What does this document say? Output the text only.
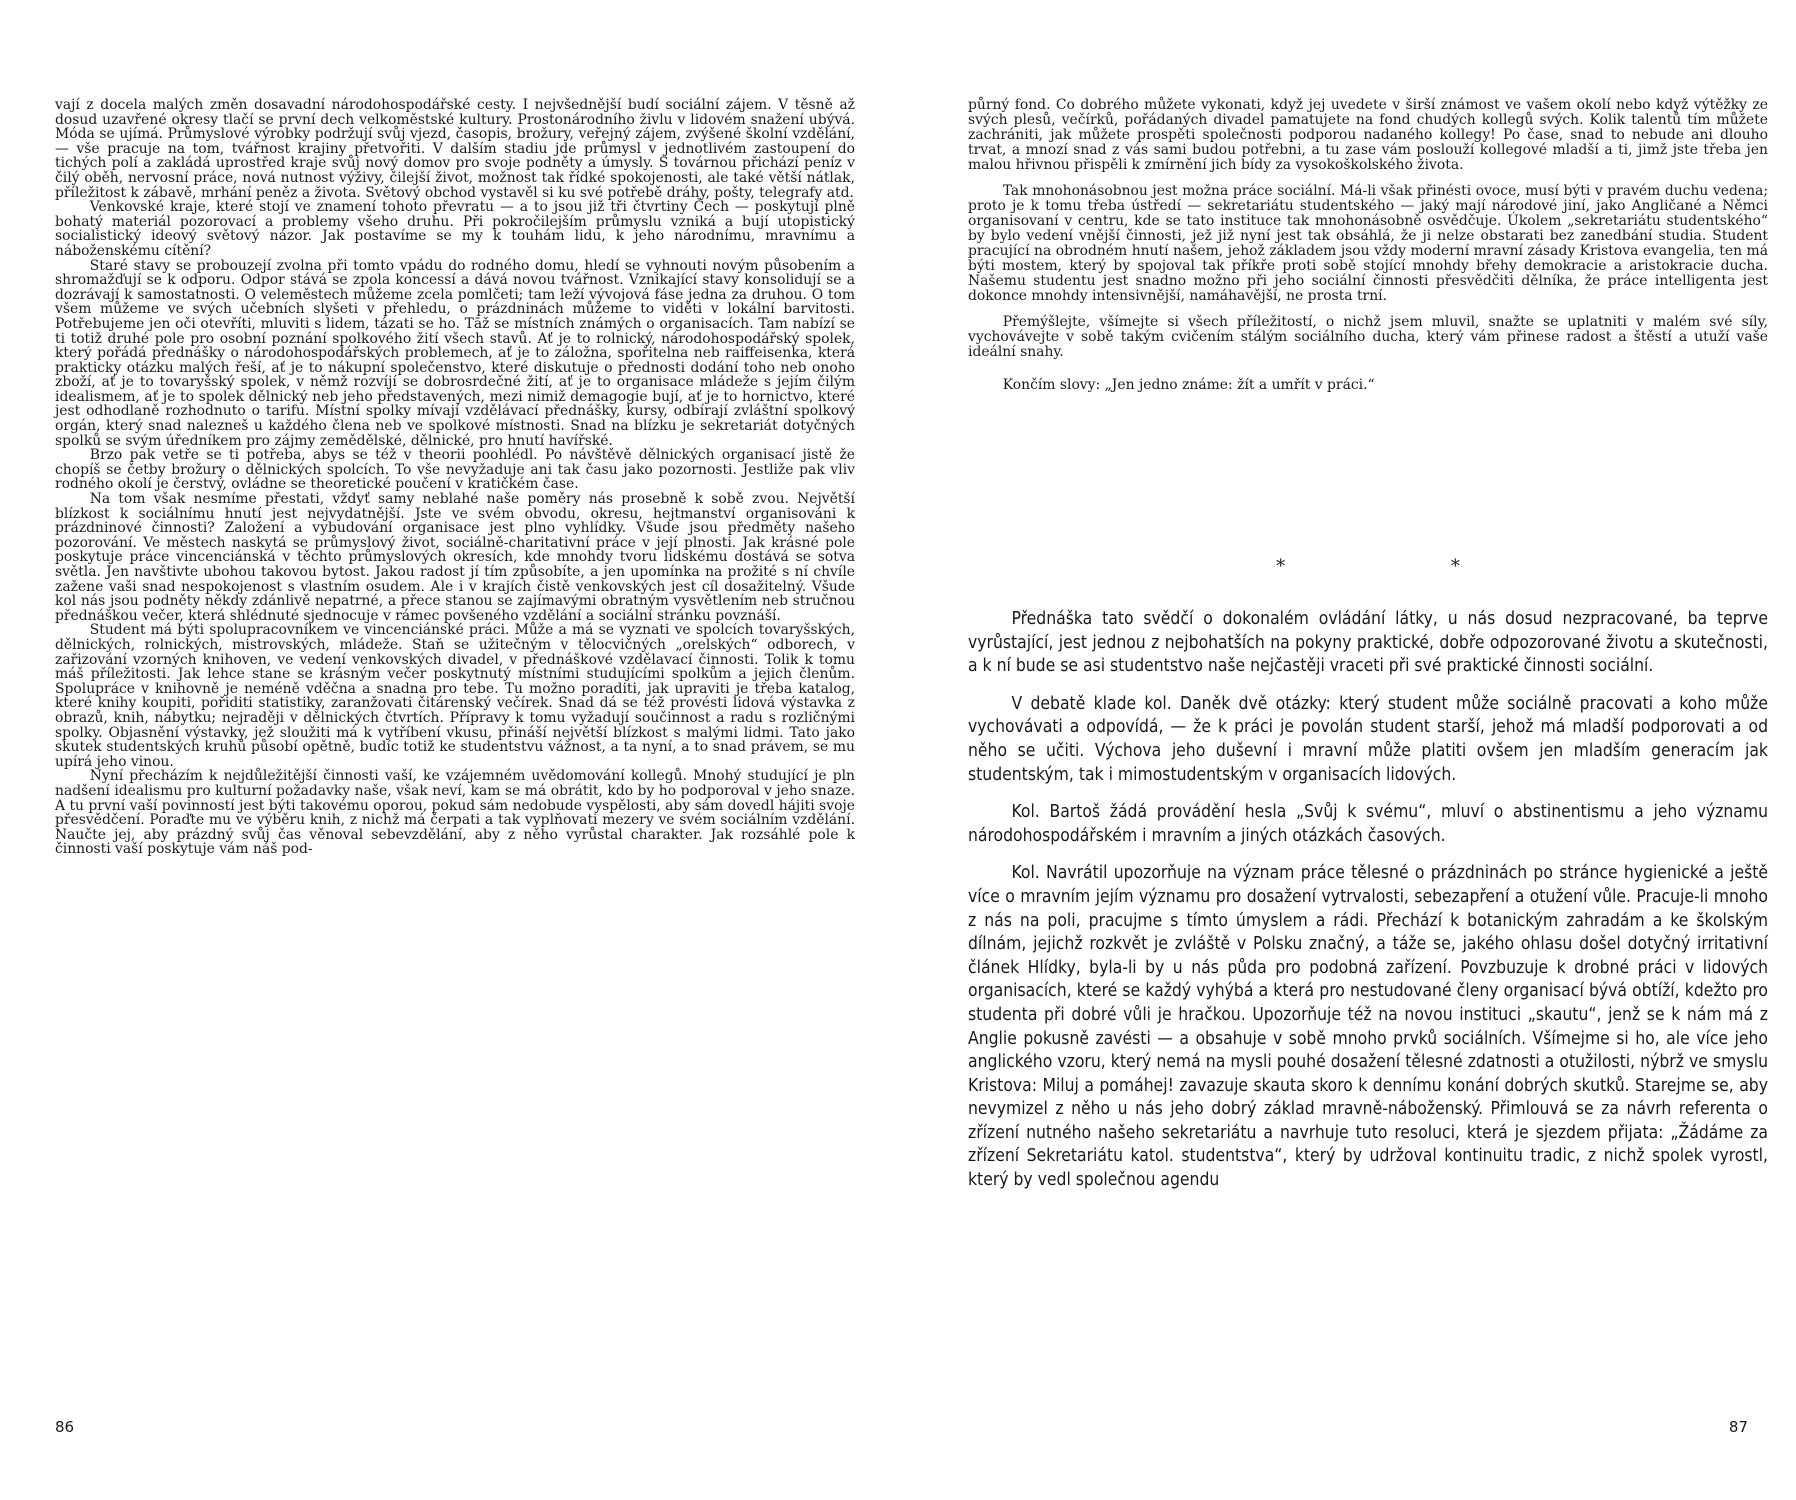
vají z docela malých změn dosavadní národohospodářské cesty. I nejvšednější budí sociální zájem. V těsně až dosud uzavřené okresy tlačí se první dech velkoměstské kultury. Prostonárodního živlu v lidovém snažení ubývá. Móda se ujímá. Průmyslové výrobky podržují svůj vjezd, časopis, brožury, veřejný zájem, zvýšené školní vzdělání, — vše pracuje na tom, tvářnost krajiny přetvořiti. V dalším stadiu jde průmysl v jednotlivém zastoupení do tichých polí a zakládá uprostřed kraje svůj nový domov pro svoje podněty a úmysly. S továrnou přichází peníz v čilý oběh, nervosní práce, nová nutnost výživy, čilejší život, možnost tak řídké spokojenosti, ale také větší nátlak, příležitost k zábavě, mrhání peněz a života. Světový obchod vystavěl si ku své potřebě dráhy, pošty, telegrafy atd.

Venkovské kraje, které stojí ve znamení tohoto převratu — a to jsou již tři čtvrtiny Čech — poskytují plně bohatý materiál pozorovací a problemy všeho druhu. Při pokročilejším průmyslu vzniká a bují utopistický socialistický ideový světový názor. Jak postavíme se my k touhám lidu, k jeho národnímu, mravnímu a náboženskému cítění?

Staré stavy se probouzejí zvolna při tomto vpádu do rodného domu, hledí se vyhnouti novým působením a shromažďují se k odporu. Odpor stává se zpola koncessí a dává novou tvářnost. Vznikající stavy konsolidují se a dozrávají k samostatnosti. O veleměstech můžeme zcela pomlčeti; tam leží vývojová fáse jedna za druhou. O tom všem můžeme ve svých učebních slyšeti v přehledu, o prázdninách můžeme to viděti v lokální barvitosti. Potřebujeme jen oči otevříti, mluviti s lidem, tázati se ho. Tāž se místních známých o organisacích. Tam nabízí se ti totiž druhé pole pro osobní poznání spolkového žití všech stavů. Ať je to rolnický, národohospodářský spolek, který pořádá přednášky o národohospodářských problemech, ať je to záložna, spořitelna neb raiffeisenka, která prakticky otázku malých řeší, ať je to nákupní společenstvo, které diskutuje o přednosti dodání toho neb onoho zboží, ať je to tovaryšský spolek, v němž rozvíjí se dobrosrdečné žití, ať je to organisace mládeže s jejím čilým idealismem, ať je to spolek dělnický neb jeho představených, mezi nimiž demagogie bují, ať je to hornictvo, které jest odhodlaně rozhodnuto o tarifu. Místní spolky mívají vzdělávací přednášky, kursy, odbírají zvláštní spolkový orgán, který snad nalezneš u každého člena neb ve spolkové místnosti. Snad na blízku je sekretariát dotyčných spolků se svým úředníkem pro zájmy zemědělské, dělnické, pro hnutí havířské.

Brzo pak vetře se ti potřeba, abys se též v theorii poohlédl. Po návštěvě dělnických organisací jistě že chopíš se četby brožury o dělnických spolcích. To vše nevyžaduje ani tak času jako pozornosti. Jestliže pak vliv rodného okolí je čerstvý, ovládne se theoretické poučení v kratičkém čase.

Na tom však nesmíme přestati, vždyť samy neblahé naše poměry nás prosebně k sobě zvou. Největší blízkost k sociálnímu hnutí jest nejvydatnější. Jste ve svém obvodu, okresu, hejtmanství organisováni k prázdninové činnosti? Založení a vybudování organisace jest plno vyhlídky. Všude jsou předměty našeho pozorování. Ve městech naskytá se průmyslový život, sociálně-charitativní práce v její plnosti. Jak krásné pole poskytuje práce vincenciánská v těchto průmyslových okresích, kde mnohdy tvoru lidskému dostává se sotva světla. Jen navštivte ubohou takovou bytost. Jakou radost jí tím způsobíte, a jen upomínka na prožité s ní chvíle zažene vaši snad nespokojenost s vlastním osudem. Ale i v krajích čistě venkovských jest cíl dosažitelný. Všude kol nás jsou podněty někdy zdánlivě nepatrné, a přece stanou se zajímavými obratným vysvětlením neb stručnou přednáškou večer, která shlédnuté sjednocuje v rámec povšeného vzdělání a sociální stránku povznáší.

Student má býti spolupracovníkem ve vincenciánské práci. Může a má se vyznati ve spolcích tovaryšských, dělnických, rolnických, mistrovských, mládeže. Staň se užitečným v tělocvičných „orelských“ odborech, v zařizování vzorných knihoven, ve vedení venkovských divadel, v přednáškové vzdělavací činnosti. Tolik k tomu máš příležitosti. Jak lehce stane se krásným večer poskytnutý místními studujícími spolkům a jejich členům. Spolupráce v knihovně je neméně vděčna a snadna pro tebe. Tu možno poraditi, jak upraviti je třeba katalog, které knihy koupiti, pořiditi statistiky, zaranžovati čitárenský večírek. Snad dá se též provésti lidová výstavka z obrazů, knih, nábytku; nejraději v dělnických čtvrtích. Přípravy k tomu vyžadují součinnost a radu s rozličnými spolky. Objasnění výstavky, jež sloužiti má k vytříbení vkusu, přináší největší blízkost s malými lidmi. Tato jako skutek studentských kruhů působí opětně, budíc totiž ke studentstvu vážnost, a ta nyní, a to snad právem, se mu upírá jeho vinou.

Nyní přecházím k nejdůležitější činnosti vaší, ke vzájemném uvědomování kollegů. Mnohý studující je pln nadšení idealismu pro kulturní požadavky naše, však neví, kam se má obrátit, kdo by ho podporoval v jeho snaze. A tu první vaší povinností jest býti takovému oporou, pokud sám nedobude vyspělosti, aby sám dovedl hájiti svoje přesvědčení. Poraďte mu ve výběru knih, z nichž má čerpati a tak vyplňovati mezery ve svém sociálním vzdělání. Naučte jej, aby prázdný svůj čas věnoval sebevzdělání, aby z něho vyrůstal charakter. Jak rozsáhlé pole k činnosti vaší poskytuje vám náš pod-

86

půrný fond. Co dobrého můžete vykonati, když jej uvedete v širší známost ve vašem okolí nebo když výtěžky ze svých plesů, večírků, pořádaných divadel pamatujete na fond chudých kollegů svých. Kolik talentů tím můžete zachrániti, jak můžete prospěti společnosti podporou nadaného kollegy! Po čase, snad to nebude ani dlouho trvat, a mnozí snad z vás sami budou potřebni, a tu zase vám poslouží kollegové mladší a ti, jimž jste třeba jen malou hřivnou přispěli k zmírnění jich bídy za vysokoškolského života.

Tak mnohonásobnou jest možna práce sociální. Má-li však přinésti ovoce, musí býti v pravém duchu vedena; proto je k tomu třeba ústředí — sekretariátu studentského — jaký mají národové jiní, jako Angličané a Němci organisovaní v centru, kde se tato instituce tak mnohonásobně osvědčuje. Úkolem „sekretariátu studentského“ by bylo vedení vnější činnosti, jež již nyní jest tak obsáhlá, že ji nelze obstarati bez zanedbání studia. Student pracující na obrodném hnutí našem, jehož základem jsou vždy moderní mravní zásady Kristova evangelia, ten má býti mostem, který by spojoval tak příkře proti sobě stojící mnohdy břehy demokracie a aristokracie ducha. Našemu studentu jest snadno možno při jeho sociální činnosti přesvědčiti dělníka, že práce intelligenta jest dokonce mnohdy intensivnější, namáhavější, ne prosta trní.

Přemýšlejte, všímejte si všech příležitostí, o nichž jsem mluvil, snažte se uplatniti v malém své síly, vychovávejte v sobě takým cvičením stálým sociálního ducha, který vám přinese radost a štěstí a utuží vaše ideální snahy.

Končím slovy: „Jen jedno známe: žít a umřít v práci.“

* *

Přednáška tato svědčí o dokonalém ovládání látky, u nás dosud nezpracované, ba teprve vyrůstající, jest jednou z nejbohatších na pokyny praktické, dobře odpozorované životu a skutečnosti, a k ní bude se asi studentstvo naše nejčastěji vraceti při své praktické činnosti sociální.

V debatě klade kol. Daněk dvě otázky: který student může sociálně pracovati a koho může vychovávati a odpovídá, — že k práci je povolán student starší, jehož má mladší podporovati a od něho se učiti. Výchova jeho duševní i mravní může platiti ovšem jen mladším generacím jak studentským, tak i mimostudentským v organisacích lidových.

Kol. Bartoš žádá provádění hesla „Svůj k svému“, mluví o abstinentismu a jeho významu národohospodářském i mravním a jiných otázkách časových.

Kol. Navrátil upozorňuje na význam práce tělesné o prázdninách po stránce hygienické a ještě více o mravním jejím významu pro dosažení vytrvalosti, sebezapření a otužení vůle. Pracuje-li mnoho z nás na poli, pracujme s tímto úmyslem a rádi. Přechází k botanickým zahradám a ke školským dílnám, jejichž rozkvět je zvláště v Polsku značný, a táže se, jakého ohlasu došel dotyčný irritativní článek Hlídky, byla-li by u nás půda pro podobná zařízení. Povzbuzuje k drobné práci v lidových organisacích, které se každý vyhýbá a která pro nestudované členy organisací bývá obtíží, kdežto pro studenta při dobré vůli je hračkou. Upozorňuje též na novou instituci „skautu“, jenž se k nám má z Anglie pokusně zavésti — a obsahuje v sobě mnoho prvků sociálních. Všímejme si ho, ale více jeho anglického vzoru, který nemá na mysli pouhé dosažení tělesné zdatnosti a otužilosti, nýbrž ve smyslu Kristova: Miluj a pomáhej! zavazuje skauta skoro k dennímu konání dobrých skutků. Starejme se, aby nevymizel z něho u nás jeho dobrý základ mravně-náboženský. Přimlouvá se za návrh referenta o zřízení nutného našeho sekretariátu a navrhuje tuto resoluci, která je sjezdem přijata: „Žádáme za zřízení Sekretariátu katol. studentstva“, který by udržoval kontinuitu tradic, z nichž spolek vyrostl, který by vedl společnou agendu

87
